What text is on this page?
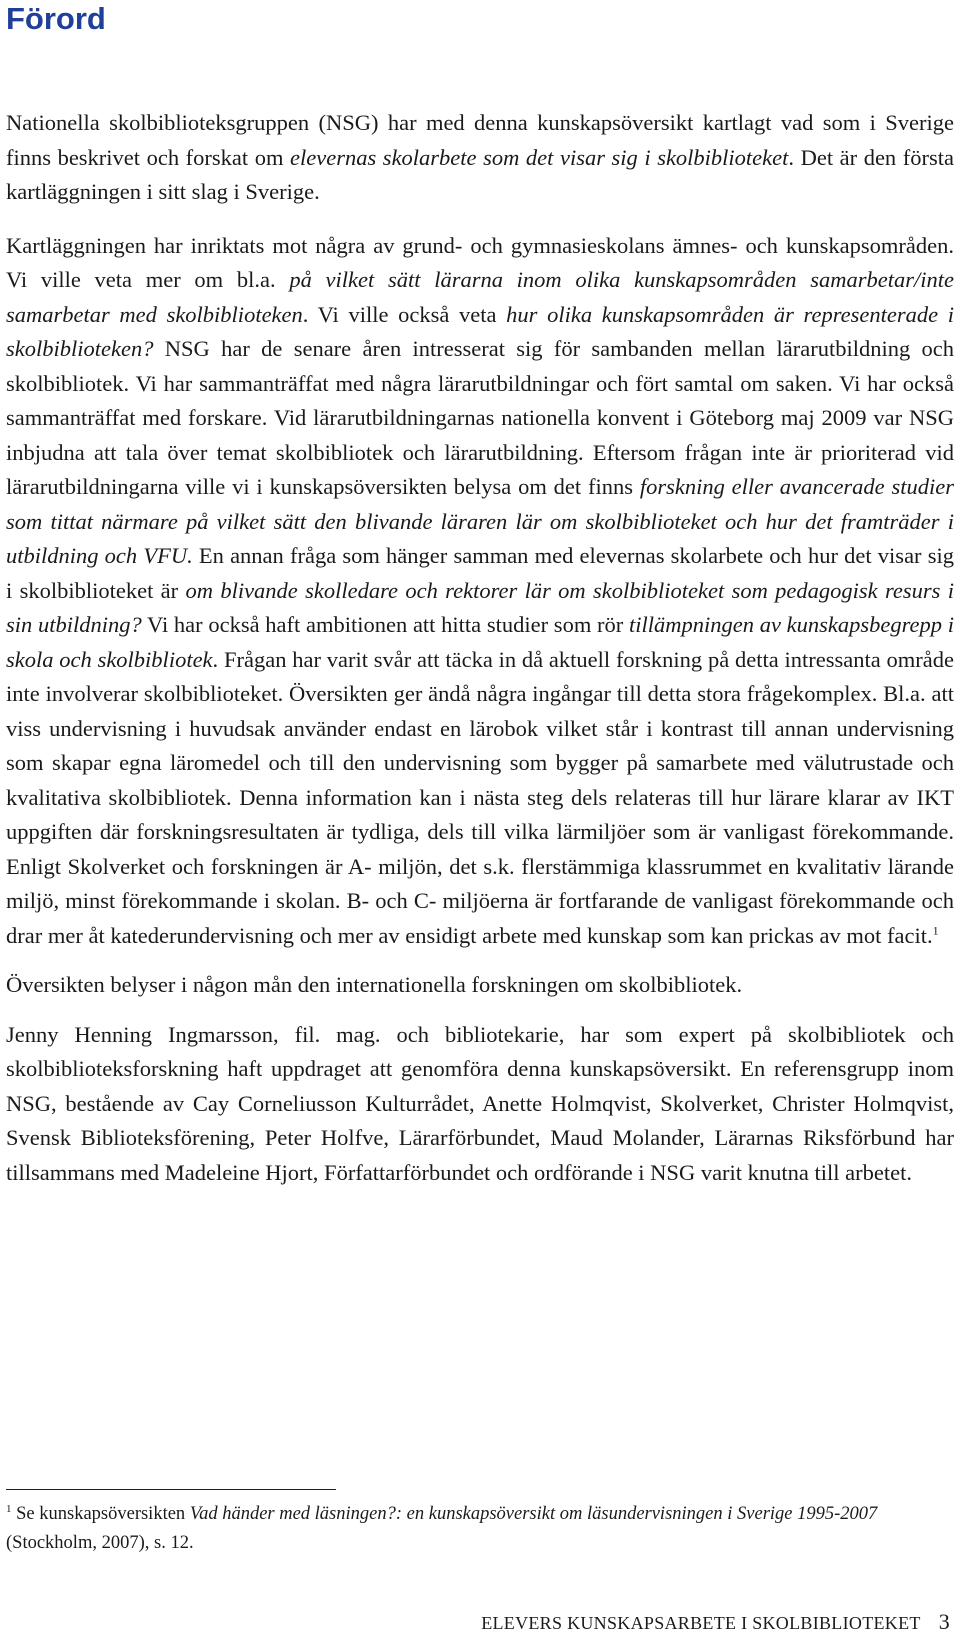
Förord

Nationella skolbiblioteksgruppen (NSG) har med denna kunskapsöversikt kartlagt vad som i Sverige finns beskrivet och forskat om elevernas skolarbete som det visar sig i skolbiblioteket. Det är den första kartläggningen i sitt slag i Sverige.

Kartläggningen har inriktats mot några av grund- och gymnasieskolans ämnes- och kunskapsområden. Vi ville veta mer om bl.a. på vilket sätt lärarna inom olika kunskapsområden samarbetar/inte samarbetar med skolbiblioteken. Vi ville också veta hur olika kunskapsområden är representerade i skolbiblioteken? NSG har de senare åren intresserat sig för sambanden mellan lärarutbildning och skolbibliotek. Vi har sammanträffat med några lärarutbildningar och fört samtal om saken. Vi har också sammanträffat med forskare. Vid lärarutbildningarnas nationella konvent i Göteborg maj 2009 var NSG inbjudna att tala över temat skolbibliotek och lärarutbildning. Eftersom frågan inte är prioriterad vid lärarutbildningarna ville vi i kunskapsöversikten belysa om det finns forskning eller avancerade studier som tittat närmare på vilket sätt den blivande läraren lär om skolbiblioteket och hur det framträder i utbildning och VFU. En annan fråga som hänger samman med elevernas skolarbete och hur det visar sig i skolbiblioteket är om blivande skolledare och rektorer lär om skolbiblioteket som pedagogisk resurs i sin utbildning? Vi har också haft ambitionen att hitta studier som rör tillämpningen av kunskapsbegrepp i skola och skolbibliotek. Frågan har varit svår att täcka in då aktuell forskning på detta intressanta område inte involverar skolbiblioteket. Översikten ger ändå några ingångar till detta stora frågekomplex. Bl.a. att viss undervisning i huvudsak använder endast en lärobok vilket står i kontrast till annan undervisning som skapar egna läromedel och till den undervisning som bygger på samarbete med välutrustade och kvalitativa skolbibliotek. Denna information kan i nästa steg dels relateras till hur lärare klarar av IKT uppgiften där forskningsresultaten är tydliga, dels till vilka lärmiljöer som är vanligast förekommande. Enligt Skolverket och forskningen är A- miljön, det s.k. flerstämmiga klassrummet en kvalitativ lärande miljö, minst förekommande i skolan. B- och C- miljöerna är fortfarande de vanligast förekommande och drar mer åt katederundervisning och mer av ensidigt arbete med kunskap som kan prickas av mot facit.$^1$

Översikten belyser i någon mån den internationella forskningen om skolbibliotek.

Jenny Henning Ingmarsson, fil. mag. och bibliotekarie, har som expert på skolbibliotek och skolbiblioteksforskning haft uppdraget att genomföra denna kunskapsöversikt. En referensgrupp inom NSG, bestående av Cay Corneliusson Kulturrådet, Anette Holmqvist, Skolverket, Christer Holmqvist, Svensk Biblioteksförening, Peter Holfve, Lärarförbundet, Maud Molander, Lärarnas Riksförbund har tillsammans med Madeleine Hjort, Författarförbundet och ordförande i NSG varit knutna till arbetet.

$^1$ Se kunskapsöversikten Vad händer med läsningen?: en kunskapsöversikt om läsundervisningen i Sverige 1995-2007 (Stockholm, 2007), s. 12.
ELEVERS KUNSKAPSARBETE I SKOLBIBLIOTEKET 3
